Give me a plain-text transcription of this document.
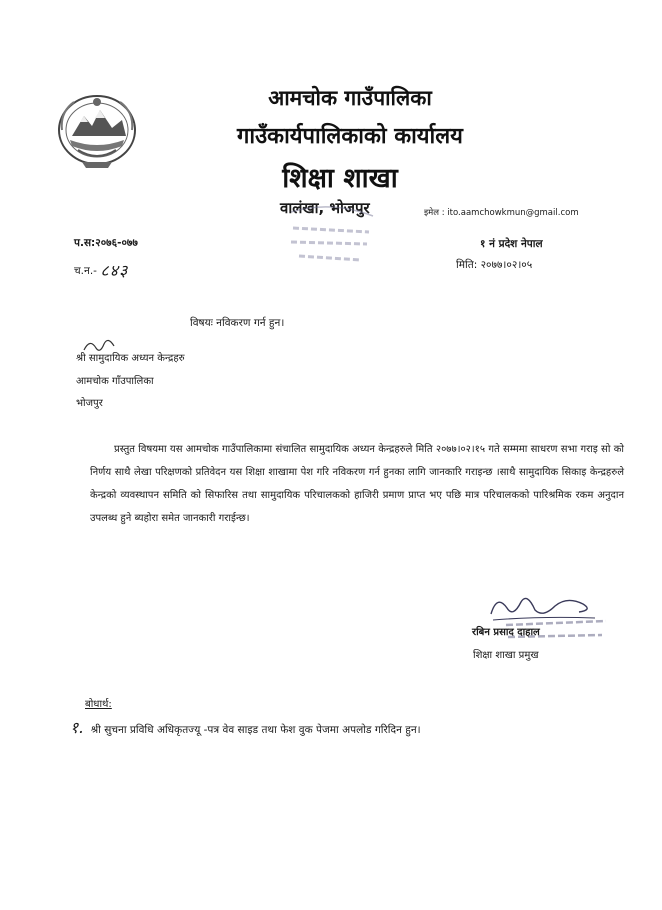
आमचोक गाउँपालिका
गाउँकार्यपालिकाको कार्यालय
शिक्षा शाखा
वालंखा, भोजपुर	इमेल : ito.aamchowkmun@gmail.com
प.स:२०७६-०७७
च.न.- ८४३
१ नं प्रदेश नेपाल
मिति: २०७७।०२।०५
विषयः नविकरण गर्न हुन।
श्री सामुदायिक अध्यन केन्द्रहरु
आमचोक गाँउपालिका
भोजपुर
प्रस्तुत विषयमा यस आमचोक गाउँपालिकामा संचालित सामुदायिक अध्यन केन्द्रहरुले मिति २०७७।०२।१५ गते सम्ममा साधरण सभा गराइ सो को निर्णय साथै लेखा परिक्षणको प्रतिवेदन यस शिक्षा शाखामा पेश गरि नविकरण गर्न हुनका लागि जानकारि गराइन्छ ।साथै सामुदायिक सिकाइ केन्द्रहरुले केन्द्रको व्यवस्थापन समिति को सिफारिस तथा सामुदायिक परिचालकको हाजिरी प्रमाण प्राप्त भए पछि मात्र परिचालकको पारिश्रमिक रकम अनुदान उपलब्ध हुने ब्यहोरा समेत जानकारी गराईन्छ।
रबिन प्रसाद दाहाल
शिक्षा शाखा प्रमुख
बोधार्थ:
१. श्री सुचना प्रविधि अधिकृतज्यू -पत्र वेव साइड तथा फेश वुक पेजमा अपलोड गरिदिन हुन।
